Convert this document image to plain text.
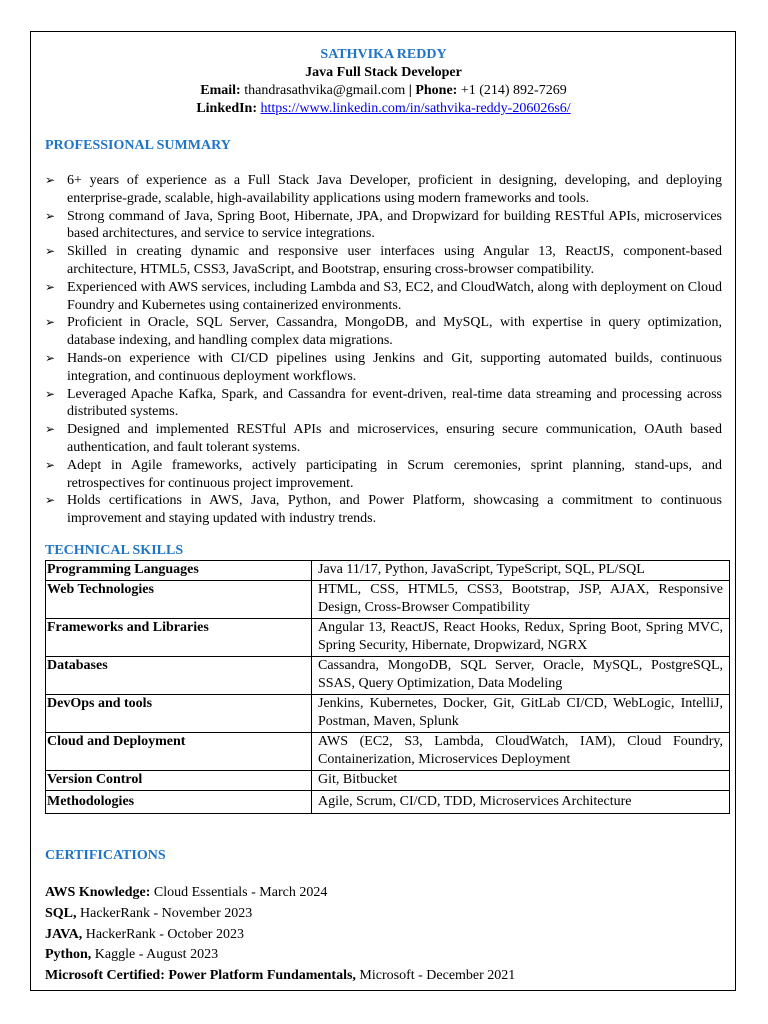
SATHVIKA REDDY
Java Full Stack Developer
Email: thandrasathvika@gmail.com | Phone: +1 (214) 892-7269
LinkedIn: https://www.linkedin.com/in/sathvika-reddy-206026s6/
PROFESSIONAL SUMMARY
➢ 6+ years of experience as a Full Stack Java Developer, proficient in designing, developing, and deploying enterprise-grade, scalable, high-availability applications using modern frameworks and tools.
➢ Strong command of Java, Spring Boot, Hibernate, JPA, and Dropwizard for building RESTful APIs, microservices based architectures, and service to service integrations.
➢ Skilled in creating dynamic and responsive user interfaces using Angular 13, ReactJS, component-based architecture, HTML5, CSS3, JavaScript, and Bootstrap, ensuring cross-browser compatibility.
➢ Experienced with AWS services, including Lambda and S3, EC2, and CloudWatch, along with deployment on Cloud Foundry and Kubernetes using containerized environments.
➢ Proficient in Oracle, SQL Server, Cassandra, MongoDB, and MySQL, with expertise in query optimization, database indexing, and handling complex data migrations.
➢ Hands-on experience with CI/CD pipelines using Jenkins and Git, supporting automated builds, continuous integration, and continuous deployment workflows.
➢ Leveraged Apache Kafka, Spark, and Cassandra for event-driven, real-time data streaming and processing across distributed systems.
➢ Designed and implemented RESTful APIs and microservices, ensuring secure communication, OAuth based authentication, and fault tolerant systems.
➢ Adept in Agile frameworks, actively participating in Scrum ceremonies, sprint planning, stand-ups, and retrospectives for continuous project improvement.
➢ Holds certifications in AWS, Java, Python, and Power Platform, showcasing a commitment to continuous improvement and staying updated with industry trends.
TECHNICAL SKILLS
Programming Languages	Java 11/17, Python, JavaScript, TypeScript, SQL, PL/SQL
Web Technologies	HTML, CSS, HTML5, CSS3, Bootstrap, JSP, AJAX, Responsive Design, Cross-Browser Compatibility
Frameworks and Libraries	Angular 13, ReactJS, React Hooks, Redux, Spring Boot, Spring MVC, Spring Security, Hibernate, Dropwizard, NGRX
Databases	Cassandra, MongoDB, SQL Server, Oracle, MySQL, PostgreSQL, SSAS, Query Optimization, Data Modeling
DevOps and tools	Jenkins, Kubernetes, Docker, Git, GitLab CI/CD, WebLogic, IntelliJ, Postman, Maven, Splunk
Cloud and Deployment	AWS (EC2, S3, Lambda, CloudWatch, IAM), Cloud Foundry, Containerization, Microservices Deployment
Version Control	Git, Bitbucket
Methodologies	Agile, Scrum, CI/CD, TDD, Microservices Architecture
CERTIFICATIONS
AWS Knowledge: Cloud Essentials - March 2024
SQL, HackerRank - November 2023
JAVA, HackerRank - October 2023
Python, Kaggle - August 2023
Microsoft Certified: Power Platform Fundamentals, Microsoft - December 2021
